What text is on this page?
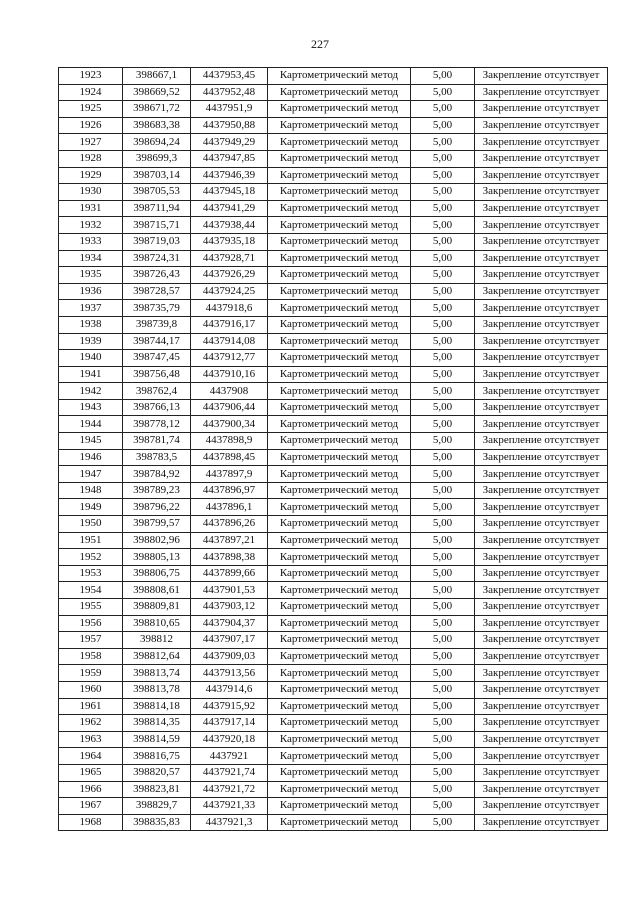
227
1923	398667,1	4437953,45	Картометрический метод	5,00	Закрепление отсутствует
1924	398669,52	4437952,48	Картометрический метод	5,00	Закрепление отсутствует
1925	398671,72	4437951,9	Картометрический метод	5,00	Закрепление отсутствует
1926	398683,38	4437950,88	Картометрический метод	5,00	Закрепление отсутствует
1927	398694,24	4437949,29	Картометрический метод	5,00	Закрепление отсутствует
1928	398699,3	4437947,85	Картометрический метод	5,00	Закрепление отсутствует
1929	398703,14	4437946,39	Картометрический метод	5,00	Закрепление отсутствует
1930	398705,53	4437945,18	Картометрический метод	5,00	Закрепление отсутствует
1931	398711,94	4437941,29	Картометрический метод	5,00	Закрепление отсутствует
1932	398715,71	4437938,44	Картометрический метод	5,00	Закрепление отсутствует
1933	398719,03	4437935,18	Картометрический метод	5,00	Закрепление отсутствует
1934	398724,31	4437928,71	Картометрический метод	5,00	Закрепление отсутствует
1935	398726,43	4437926,29	Картометрический метод	5,00	Закрепление отсутствует
1936	398728,57	4437924,25	Картометрический метод	5,00	Закрепление отсутствует
1937	398735,79	4437918,6	Картометрический метод	5,00	Закрепление отсутствует
1938	398739,8	4437916,17	Картометрический метод	5,00	Закрепление отсутствует
1939	398744,17	4437914,08	Картометрический метод	5,00	Закрепление отсутствует
1940	398747,45	4437912,77	Картометрический метод	5,00	Закрепление отсутствует
1941	398756,48	4437910,16	Картометрический метод	5,00	Закрепление отсутствует
1942	398762,4	4437908	Картометрический метод	5,00	Закрепление отсутствует
1943	398766,13	4437906,44	Картометрический метод	5,00	Закрепление отсутствует
1944	398778,12	4437900,34	Картометрический метод	5,00	Закрепление отсутствует
1945	398781,74	4437898,9	Картометрический метод	5,00	Закрепление отсутствует
1946	398783,5	4437898,45	Картометрический метод	5,00	Закрепление отсутствует
1947	398784,92	4437897,9	Картометрический метод	5,00	Закрепление отсутствует
1948	398789,23	4437896,97	Картометрический метод	5,00	Закрепление отсутствует
1949	398796,22	4437896,1	Картометрический метод	5,00	Закрепление отсутствует
1950	398799,57	4437896,26	Картометрический метод	5,00	Закрепление отсутствует
1951	398802,96	4437897,21	Картометрический метод	5,00	Закрепление отсутствует
1952	398805,13	4437898,38	Картометрический метод	5,00	Закрепление отсутствует
1953	398806,75	4437899,66	Картометрический метод	5,00	Закрепление отсутствует
1954	398808,61	4437901,53	Картометрический метод	5,00	Закрепление отсутствует
1955	398809,81	4437903,12	Картометрический метод	5,00	Закрепление отсутствует
1956	398810,65	4437904,37	Картометрический метод	5,00	Закрепление отсутствует
1957	398812	4437907,17	Картометрический метод	5,00	Закрепление отсутствует
1958	398812,64	4437909,03	Картометрический метод	5,00	Закрепление отсутствует
1959	398813,74	4437913,56	Картометрический метод	5,00	Закрепление отсутствует
1960	398813,78	4437914,6	Картометрический метод	5,00	Закрепление отсутствует
1961	398814,18	4437915,92	Картометрический метод	5,00	Закрепление отсутствует
1962	398814,35	4437917,14	Картометрический метод	5,00	Закрепление отсутствует
1963	398814,59	4437920,18	Картометрический метод	5,00	Закрепление отсутствует
1964	398816,75	4437921	Картометрический метод	5,00	Закрепление отсутствует
1965	398820,57	4437921,74	Картометрический метод	5,00	Закрепление отсутствует
1966	398823,81	4437921,72	Картометрический метод	5,00	Закрепление отсутствует
1967	398829,7	4437921,33	Картометрический метод	5,00	Закрепление отсутствует
1968	398835,83	4437921,3	Картометрический метод	5,00	Закрепление отсутствует
